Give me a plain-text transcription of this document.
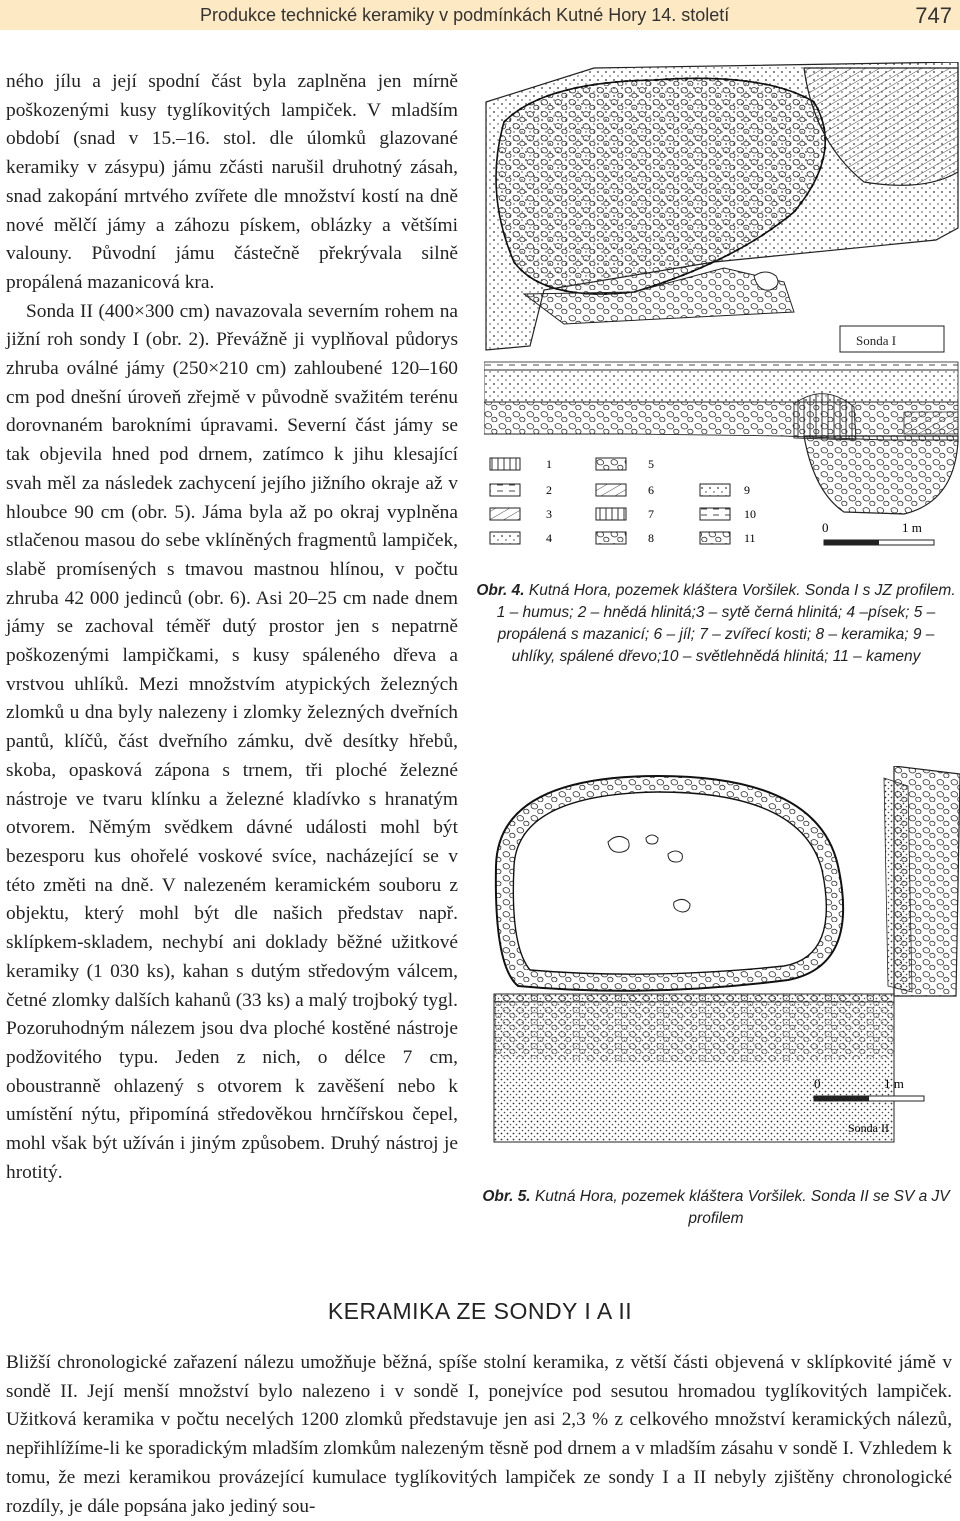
Produkce technické keramiky v podmínkách Kutné Hory 14. století	747

ného jílu a její spodní část byla zaplněna jen mírně poškozenými kusy tyglíkovitých lampiček. V mladším období (snad v 15.–16. stol. dle úlomků glazované keramiky v zásypu) jámu zčásti narušil druhotný zásah, snad zakopání mrtvého zvířete dle množství kostí na dně nové mělčí jámy a záhozu pískem, oblázky a většími valouny. Původní jámu částečně překrývala silně propálená mazanicová kra.

Sonda II (400×300 cm) navazovala severním rohem na jižní roh sondy I (obr. 2). Převážně ji vyplňoval půdorys zhruba oválné jámy (250×210 cm) zahloubené 120–160 cm pod dnešní úroveň zřejmě v původně svažitém terénu dorovnaném barokními úpravami. Severní část jámy se tak objevila hned pod drnem, zatímco k jihu klesající svah měl za následek zachycení jejího jižního okraje až v hloubce 90 cm (obr. 5). Jáma byla až po okraj vyplněna stlačenou masou do sebe vklíněných fragmentů lampiček, slabě promísených s tmavou mastnou hlínou, v počtu zhruba 42 000 jedinců (obr. 6). Asi 20–25 cm nade dnem jámy se zachoval téměř dutý prostor jen s nepatrně poškozenými lampičkami, s kusy spáleného dřeva a vrstvou uhlíků. Mezi množstvím atypických železných zlomků u dna byly nalezeny i zlomky železných dveřních pantů, klíčů, část dveřního zámku, dvě desítky hřebů, skoba, opasková zápona s trnem, tři ploché železné nástroje ve tvaru klínku a železné kladívko s hranatým otvorem. Němým svědkem dávné události mohl být bezesporu kus ohořelé voskové svíce, nacházející se v této změti na dně. V nalezeném keramickém souboru z objektu, který mohl být dle našich představ např. sklípkem-skladem, nechybí ani doklady běžné užitkové keramiky (1 030 ks), kahan s dutým středovým válcem, četné zlomky dalších kahanů (33 ks) a malý trojboký tygl. Pozoruhodným nálezem jsou dva ploché kostěné nástroje podžovitého typu. Jeden z nich, o délce 7 cm, oboustranně ohlazený s otvorem k zavěšení nebo k umístění nýtu, připomíná středověkou hrnčířskou čepel, mohl však být užíván i jiným způsobem. Druhý nástroj je hrotitý.

Sonda I
1
2
3
4
5
6
7
8
9
10
11
0	1 m
Obr. 4. Kutná Hora, pozemek kláštera Voršilek. Sonda I s JZ profilem. 1 – humus; 2 – hnědá hlinitá;3 – sytě černá hlinitá; 4 –písek; 5 –propálená s mazanicí; 6 – jíl; 7 – zvířecí kosti; 8 – keramika; 9 – uhlíky, spálené dřevo;10 – světlehnědá hlinitá; 11 – kameny
0	1 m
Sonda II
Obr. 5. Kutná Hora, pozemek kláštera Voršilek. Sonda II se SV a JV profilem
KERAMIKA ZE SONDY I A II

Bližší chronologické zařazení nálezu umožňuje běžná, spíše stolní keramika, z větší části objevená v sklípkovité jámě v sondě II. Její menší množství bylo nalezeno i v sondě I, ponejvíce pod sesutou hromadou tyglíkovitých lampiček. Užitková keramika v počtu necelých 1200 zlomků představuje jen asi 2,3 % z celkového množství keramických nálezů, nepřihlížíme-li ke sporadickým mladším zlomkům nalezeným těsně pod drnem a v mladším zásahu v sondě I. Vzhledem k tomu, že mezi keramikou provázející kumulace tyglíkovitých lampiček ze sondy I a II nebyly zjištěny chronologické rozdíly, je dále popsána jako jediný sou-
